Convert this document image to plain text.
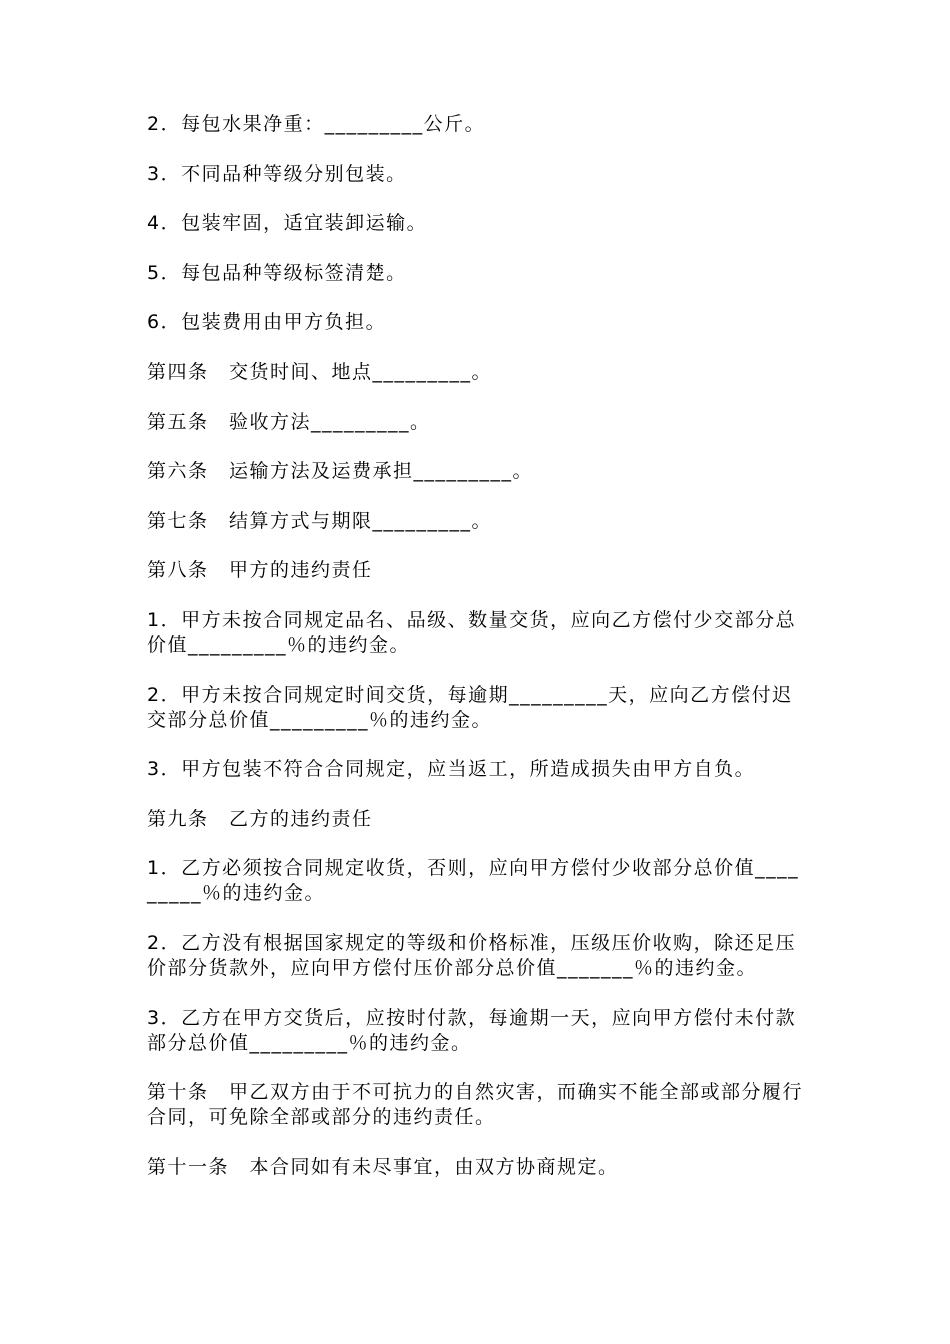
2．每包水果净重：_________公斤。

3．不同品种等级分别包装。

4．包装牢固，适宜装卸运输。

5．每包品种等级标签清楚。

6．包装费用由甲方负担。

第四条　交货时间、地点_________。

第五条　验收方法_________。

第六条　运输方法及运费承担_________。

第七条　结算方式与期限_________。

第八条　甲方的违约责任

1．甲方未按合同规定品名、品级、数量交货，应向乙方偿付少交部分总价值_________％的违约金。

2．甲方未按合同规定时间交货，每逾期_________天，应向乙方偿付迟交部分总价值_________％的违约金。

3．甲方包装不符合合同规定，应当返工，所造成损失由甲方自负。

第九条　乙方的违约责任

1．乙方必须按合同规定收货，否则，应向甲方偿付少收部分总价值_________％的违约金。

2．乙方没有根据国家规定的等级和价格标准，压级压价收购，除还足压价部分货款外，应向甲方偿付压价部分总价值_______％的违约金。

3．乙方在甲方交货后，应按时付款，每逾期一天，应向甲方偿付未付款部分总价值_________％的违约金。

第十条　甲乙双方由于不可抗力的自然灾害，而确实不能全部或部分履行合同，可免除全部或部分的违约责任。

第十一条　本合同如有未尽事宜，由双方协商规定。
